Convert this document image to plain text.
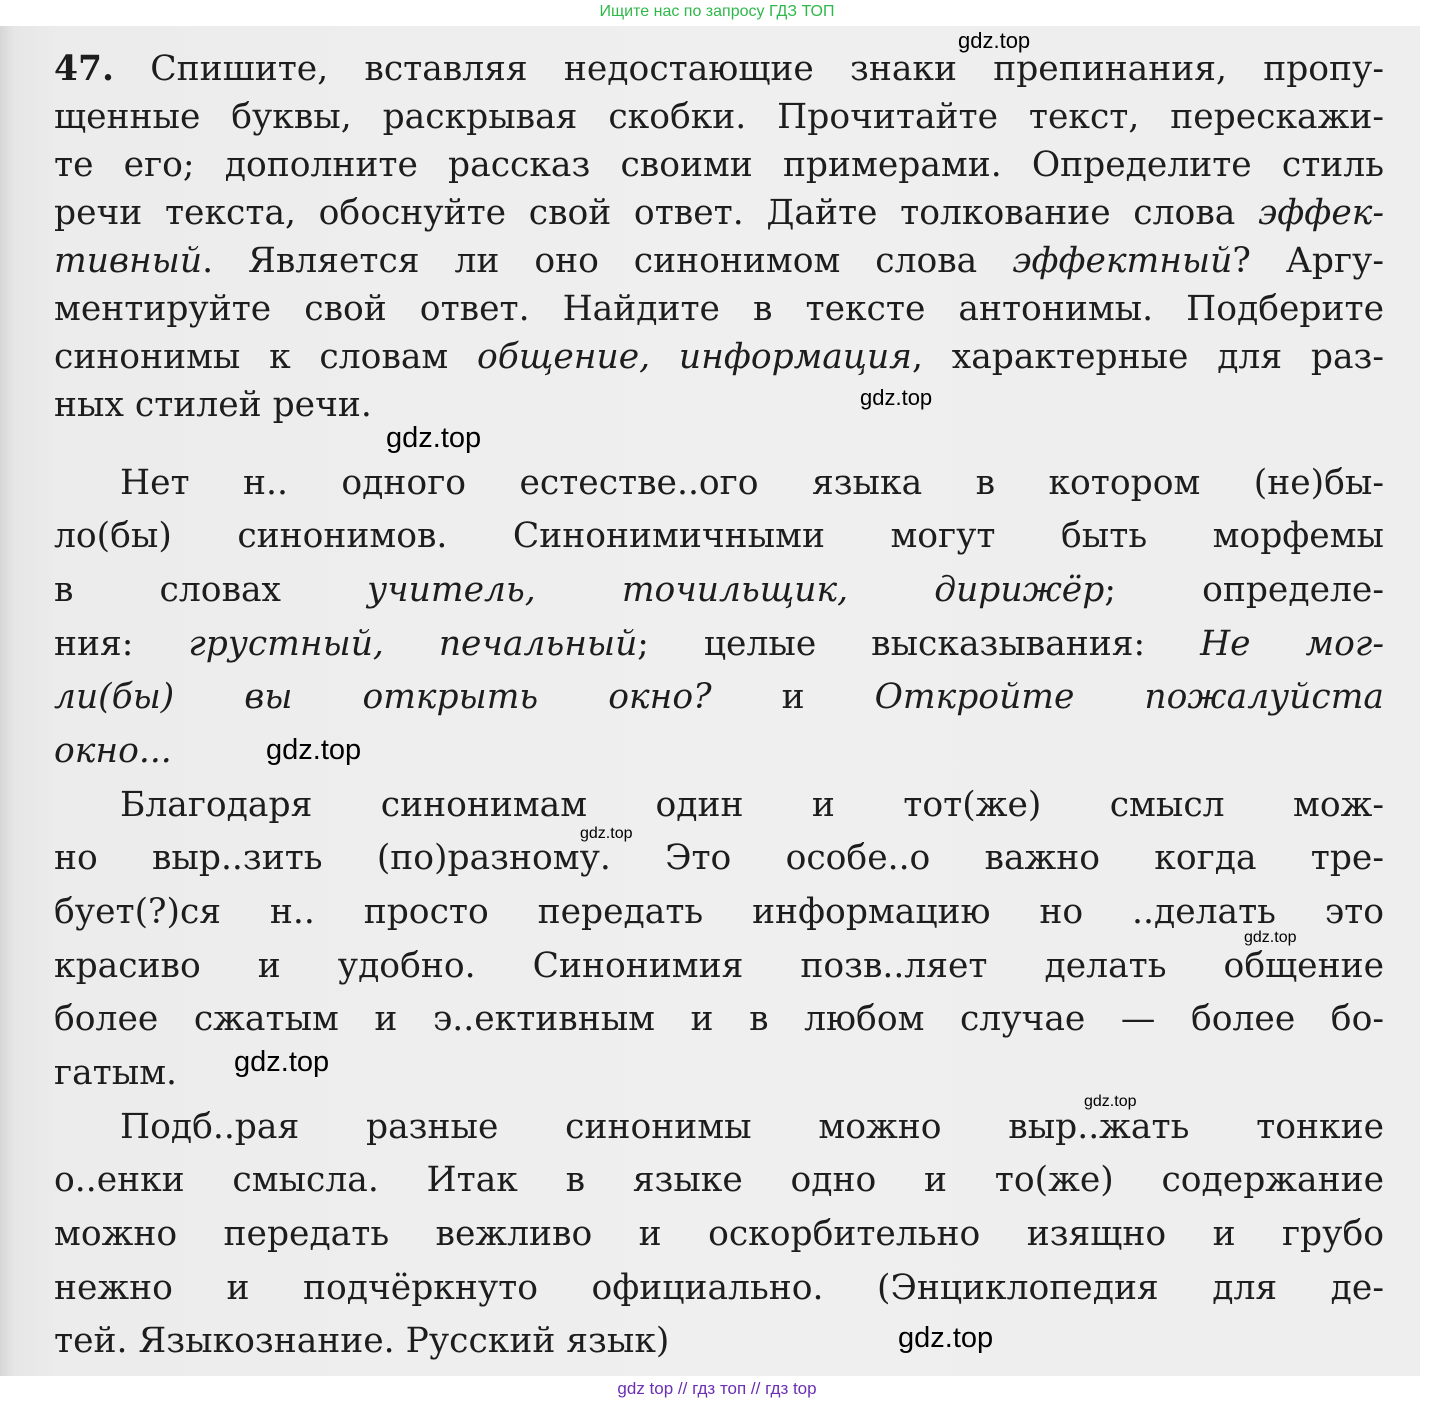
Ищите нас по запросу ГДЗ ТОП
47. Спишите, вставляя недостающие знаки препинания, пропу-
щенные буквы, раскрывая скобки. Прочитайте текст, перескажи-
те его; дополните рассказ своими примерами. Определите стиль
речи текста, обоснуйте свой ответ. Дайте толкование слова эффек-
тивный. Является ли оно синонимом слова эффектный? Аргу-
ментируйте свой ответ. Найдите в тексте антонимы. Подберите
синонимы к словам общение, информация, характерные для раз-
ных стилей речи.
Нет н.. одного естестве..ого языка в котором (не)бы-
ло(бы) синонимов. Синонимичными могут быть морфемы
в словах учитель, точильщик, дирижёр; определе-
ния: грустный, печальный; целые высказывания: Не мог-
ли(бы) вы открыть окно? и Откройте пожалуйста
окно...
Благодаря синонимам один и тот(же) смысл мож-
но выр..зить (по)разному. Это особе..о важно когда тре-
бует(?)ся н.. просто передать информацию но ..делать это
красиво и удобно. Синонимия позв..ляет делать общение
более сжатым и э..ективным и в любом случае — более бо-
гатым.
Подб..рая разные синонимы можно выр..жать тонкие
о..енки смысла. Итак в языке одно и то(же) содержание
можно передать вежливо и оскорбительно изящно и грубо
нежно и подчёркнуто официально. (Энциклопедия для де-
тей. Языкознание. Русский язык)
gdz.top
gdz.top
gdz.top
gdz.top
gdz.top
gdz.top
gdz.top
gdz.top
gdz.top
gdz top // гдз топ // гдз top
